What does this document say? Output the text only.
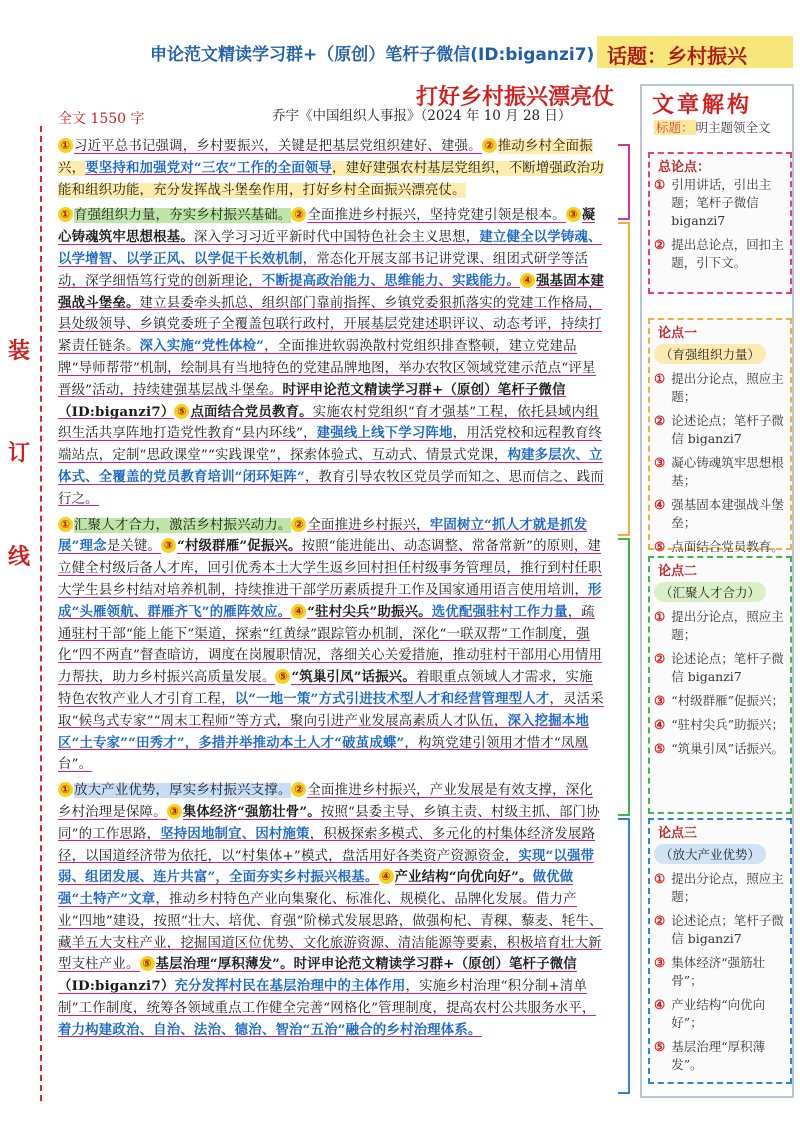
申论范文精读学习群+（原创）笔杆子微信(ID:biganzi7) 话题：乡村振兴
打好乡村振兴漂亮仗
全文 1550 字	乔宇《中国组织人事报》（2024 年 10 月 28 日）
装
订
线
① 习近平总书记强调，乡村要振兴，关键是把基层党组织建好、建强。 ② 推动乡村全面振兴，要坚持和加强党对“三农”工作的全面领导，建好建强农村基层党组织，不断增强政治功能和组织功能，充分发挥战斗堡垒作用，打好乡村全面振兴漂亮仗。
① 育强组织力量，夯实乡村振兴基础。 ② 全面推进乡村振兴，坚持党建引领是根本。 ③ 凝心铸魂筑牢思想根基。深入学习习近平新时代中国特色社会主义思想，建立健全以学铸魂、以学增智、以学正风、以学促干长效机制，常态化开展支部书记讲党课、组团式研学等活动，深学细悟笃行党的创新理论，不断提高政治能力、思维能力、实践能力。 ④ 强基固本建强战斗堡垒。建立县委牵头抓总、组织部门靠前指挥、乡镇党委狠抓落实的党建工作格局，县处级领导、乡镇党委班子全覆盖包联行政村，开展基层党建述职评议、动态考评，持续打紧责任链条。深入实施“党性体检”，全面推进软弱涣散村党组织排查整顿，建立党建品牌“导师帮带”机制，绘制具有当地特色的党建品牌地图，举办农牧区领域党建示范点“评星晋级”活动，持续建强基层战斗堡垒。时评申论范文精读学习群+（原创）笔杆子微信（ID:biganzi7） ⑤ 点面结合党员教育。实施农村党组织“育才强基”工程，依托县域内组织生活共享阵地打造党性教育“县内环线”，建强线上线下学习阵地，用活党校和远程教育终端站点，定制“思政课堂”“实践课堂”，探索体验式、互动式、情景式党课，构建多层次、立体式、全覆盖的党员教育培训“闭环矩阵”，教育引导农牧区党员学而知之、思而信之、践而行之。
① 汇聚人才合力，激活乡村振兴动力。 ② 全面推进乡村振兴，牢固树立“抓人才就是抓发展”理念是关键。 ③ “村级群雁”促振兴。按照“能进能出、动态调整、常备常新”的原则，建立健全村级后备人才库，回引优秀本土大学生返乡回村担任村级事务管理员，推行到村任职大学生县乡村结对培养机制，持续推进干部学历素质提升工作及国家通用语言使用培训，形成“头雁领航、群雁齐飞”的雁阵效应。 ④ “驻村尖兵”助振兴。选优配强驻村工作力量，疏通驻村干部“能上能下”渠道，探索“红黄绿”跟踪管办机制，深化“一联双帮”工作制度，强化“四不两直”督查暗访，调度在岗履职情况，落细关心关爱措施，推动驻村干部用心用情用力帮扶，助力乡村振兴高质量发展。 ⑤ “筑巢引凤”话振兴。着眼重点领域人才需求，实施特色农牧产业人才引育工程，以“一地一策”方式引进技术型人才和经营管理型人才，灵活采取“候鸟式专家”“周末工程师”等方式，聚向引进产业发展高素质人才队伍，深入挖掘本地区“土专家”“田秀才”，多措并举推动本土人才“破茧成蝶”，构筑党建引领用才惜才“凤凰台”。
① 放大产业优势，厚实乡村振兴支撑。 ② 全面推进乡村振兴，产业发展是有效支撑，深化乡村治理是保障。 ③ 集体经济“强筋壮骨”。按照“县委主导、乡镇主责、村级主抓、部门协同”的工作思路，坚持因地制宜、因村施策，积极探索多模式、多元化的村集体经济发展路径，以国道经济带为依托，以“村集体+”模式，盘活用好各类资产资源资金，实现“以强带弱、组团发展、连片共富”，全面夯实乡村振兴根基。 ④ 产业结构“向优向好”。做优做强“土特产”文章，推动乡村特色产业向集聚化、标准化、规模化、品牌化发展。借力产业“四地”建设，按照“壮大、培优、育强”阶梯式发展思路，做强枸杞、青稞、藜麦、牦牛、藏羊五大支柱产业，挖掘国道区位优势、文化旅游资源、清洁能源等要素，积极培育壮大新型支柱产业。 ⑤ 基层治理“厚积薄发”。时评申论范文精读学习群+（原创）笔杆子微信（ID:biganzi7）充分发挥村民在基层治理中的主体作用，实施乡村治理“积分制+清单制”工作制度，统筹各领域重点工作健全完善“网格化”管理制度，提高农村公共服务水平，着力构建政治、自治、法治、德治、智治“五治”融合的乡村治理体系。
文章解构
标题： 明主题领全文
总论点：
① 引用讲话，引出主题；笔杆子微信 biganzi7
② 提出总论点，回扣主题，引下文。
论点一
（育强组织力量）
① 提出分论点，照应主题；
② 论述论点；笔杆子微信 biganzi7
③ 凝心铸魂筑牢思想根基；
④ 强基固本建强战斗堡垒；
⑤ 点面结合党员教育。
论点二
（汇聚人才合力）
① 提出分论点，照应主题；
② 论述论点；笔杆子微信 biganzi7
③ “村级群雁”促振兴；
④ “驻村尖兵”助振兴；
⑤ “筑巢引凤”话振兴。
论点三
（放大产业优势）
① 提出分论点，照应主题；
② 论述论点；笔杆子微信 biganzi7
③ 集体经济“强筋壮骨”；
④ 产业结构“向优向好”；
⑤ 基层治理“厚积薄发”。
